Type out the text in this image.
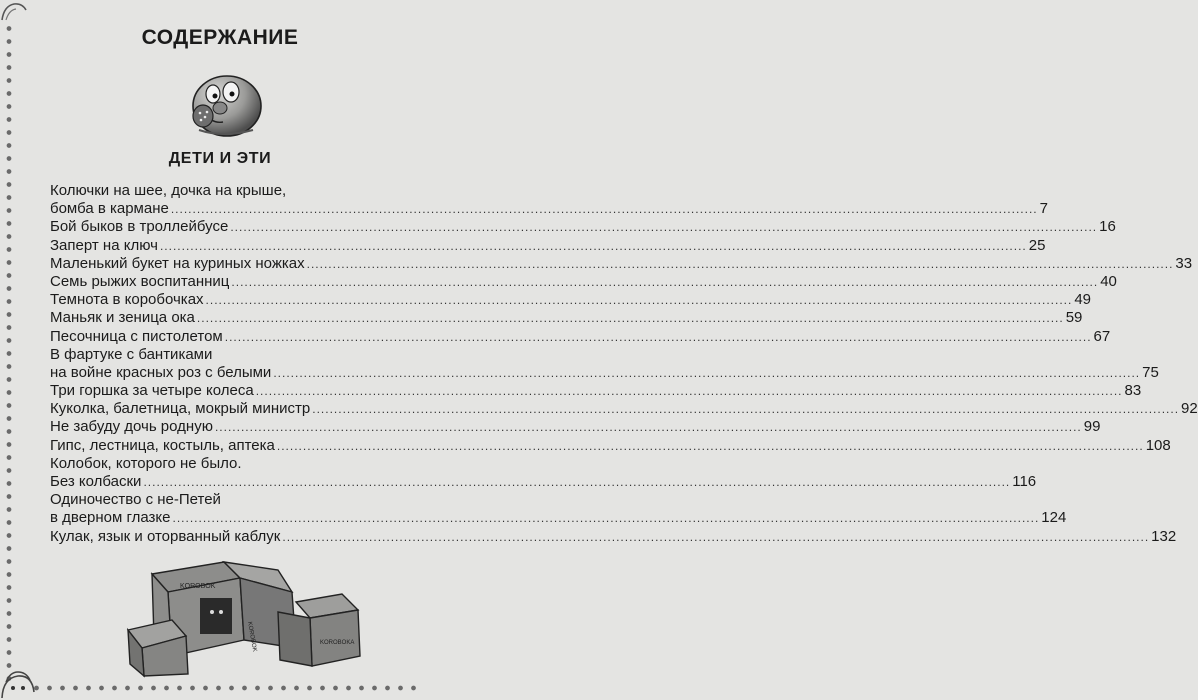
СОДЕРЖАНИЕ
ДЕТИ И ЭТИ
Колючки на шее, дочка на крыше,
бомба в кармане ........................................................................................................................................................................................................ 7
Бой быков в троллейбусе ........................................................................................................................................................................................................ 16
Заперт на ключ ........................................................................................................................................................................................................ 25
Маленький букет на куриных ножках ........................................................................................................................................................................................................ 33
Семь рыжих воспитанниц ........................................................................................................................................................................................................ 40
Темнота в коробочках ........................................................................................................................................................................................................ 49
Маньяк и зеница ока ........................................................................................................................................................................................................ 59
Песочница с пистолетом ........................................................................................................................................................................................................ 67
В фартуке с бантиками
на войне красных роз с белыми ........................................................................................................................................................................................................ 75
Три горшка за четыре колеса ........................................................................................................................................................................................................ 83
Куколка, балетница, мокрый министр ........................................................................................................................................................................................................ 92
Не забуду дочь родную ........................................................................................................................................................................................................ 99
Гипс, лестница, костыль, аптека ........................................................................................................................................................................................................ 108
Колобок, которого не было.
Без колбаски ........................................................................................................................................................................................................ 116
Одиночество с не-Петей
в дверном глазке ........................................................................................................................................................................................................ 124
Кулак, язык и оторванный каблук ........................................................................................................................................................................................................ 132
KOROBOK
KOROBOK	KOROBOKA
